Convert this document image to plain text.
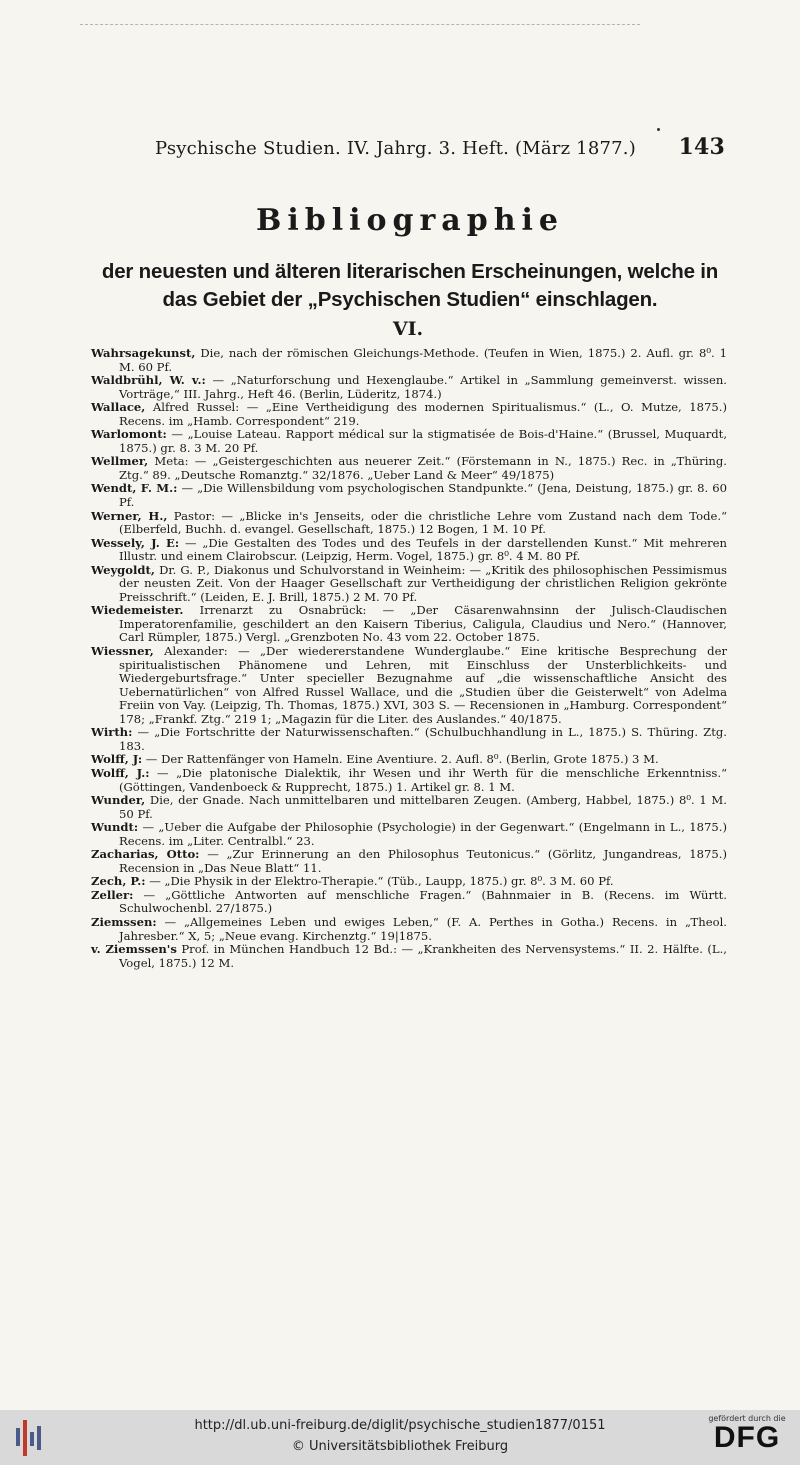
Psychische Studien. IV. Jahrg. 3. Heft. (März 1877.) 143
Bibliographie
der neuesten und älteren literarischen Erscheinungen, welche in das Gebiet der „Psychischen Studien“ einschlagen.
VI.

Wahrsagekunst, Die, nach der römischen Gleichungs-Methode. (Teufen in Wien, 1875.) 2. Aufl. gr. 8⁰. 1 M. 60 Pf.

Waldbrühl, W. v.: — „Naturforschung und Hexenglaube.“ Artikel in „Sammlung gemeinverst. wissen. Vorträge,“ III. Jahrg., Heft 46. (Berlin, Lüderitz, 1874.)

Wallace, Alfred Russel: — „Eine Vertheidigung des modernen Spiritualismus.“ (L., O. Mutze, 1875.) Recens. im „Hamb. Correspondent“ 219.

Warlomont: — „Louise Lateau. Rapport médical sur la stigmatisée de Bois-d'Haine.“ (Brussel, Muquardt, 1875.) gr. 8. 3 M. 20 Pf.

Wellmer, Meta: — „Geistergeschichten aus neuerer Zeit.“ (Förstemann in N., 1875.) Rec. in „Thüring. Ztg.“ 89. „Deutsche Romanztg.“ 32/1876. „Ueber Land & Meer“ 49/1875)

Wendt, F. M.: — „Die Willensbildung vom psychologischen Standpunkte.“ (Jena, Deistung, 1875.) gr. 8. 60 Pf.

Werner, H., Pastor: — „Blicke in's Jenseits, oder die christliche Lehre vom Zustand nach dem Tode.“ (Elberfeld, Buchh. d. evangel. Gesellschaft, 1875.) 12 Bogen, 1 M. 10 Pf.

Wessely, J. E: — „Die Gestalten des Todes und des Teufels in der darstellenden Kunst.“ Mit mehreren Illustr. und einem Clairobscur. (Leipzig, Herm. Vogel, 1875.) gr. 8⁰. 4 M. 80 Pf.

Weygoldt, Dr. G. P., Diakonus und Schulvorstand in Weinheim: — „Kritik des philosophischen Pessimismus der neusten Zeit. Von der Haager Gesellschaft zur Vertheidigung der christlichen Religion gekrönte Preisschrift.“ (Leiden, E. J. Brill, 1875.) 2 M. 70 Pf.

Wiedemeister. Irrenarzt zu Osnabrück: — „Der Cäsarenwahnsinn der Julisch-Claudischen Imperatorenfamilie, geschildert an den Kaisern Tiberius, Caligula, Claudius und Nero.“ (Hannover, Carl Rümpler, 1875.) Vergl. „Grenzboten No. 43 vom 22. October 1875.

Wiessner, Alexander: — „Der wiedererstandene Wunderglaube.“ Eine kritische Besprechung der spiritualistischen Phänomene und Lehren, mit Einschluss der Unsterblichkeits- und Wiedergeburtsfrage.“ Unter specieller Bezugnahme auf „die wissenschaftliche Ansicht des Uebernatürlichen“ von Alfred Russel Wallace, und die „Studien über die Geisterwelt“ von Adelma Freiin von Vay. (Leipzig, Th. Thomas, 1875.) XVI, 303 S. — Recensionen in „Hamburg. Correspondent“ 178; „Frankf. Ztg.“ 219 1; „Magazin für die Liter. des Auslandes.“ 40/1875.

Wirth: — „Die Fortschritte der Naturwissenschaften.“ (Schulbuchhandlung in L., 1875.) S. Thüring. Ztg. 183.

Wolff, J: — Der Rattenfänger von Hameln. Eine Aventiure. 2. Aufl. 8⁰. (Berlin, Grote 1875.) 3 M.

Wolff, J.: — „Die platonische Dialektik, ihr Wesen und ihr Werth für die menschliche Erkenntniss.“ (Göttingen, Vandenboeck & Rupprecht, 1875.) 1. Artikel gr. 8. 1 M.

Wunder, Die, der Gnade. Nach unmittelbaren und mittelbaren Zeugen. (Amberg, Habbel, 1875.) 8⁰. 1 M. 50 Pf.

Wundt: — „Ueber die Aufgabe der Philosophie (Psychologie) in der Gegenwart.“ (Engelmann in L., 1875.) Recens. im „Liter. Centralbl.“ 23.

Zacharias, Otto: — „Zur Erinnerung an den Philosophus Teutonicus.“ (Görlitz, Jungandreas, 1875.) Recension in „Das Neue Blatt“ 11.

Zech, P.: — „Die Physik in der Elektro-Therapie.“ (Tüb., Laupp, 1875.) gr. 8⁰. 3 M. 60 Pf.

Zeller: — „Göttliche Antworten auf menschliche Fragen.“ (Bahnmaier in B. (Recens. im Württ. Schulwochenbl. 27/1875.)

Ziemssen: — „Allgemeines Leben und ewiges Leben,“ (F. A. Perthes in Gotha.) Recens. in „Theol. Jahresber.“ X, 5; „Neue evang. Kirchenztg.“ 19|1875.

v. Ziemssen's Prof. in München Handbuch 12 Bd.: — „Krankheiten des Nervensystems.“ II. 2. Hälfte. (L., Vogel, 1875.) 12 M.

http://dl.ub.uni-freiburg.de/diglit/psychische_studien1877/0151
© Universitätsbibliothek Freiburg
gefördert durch die
DFG
